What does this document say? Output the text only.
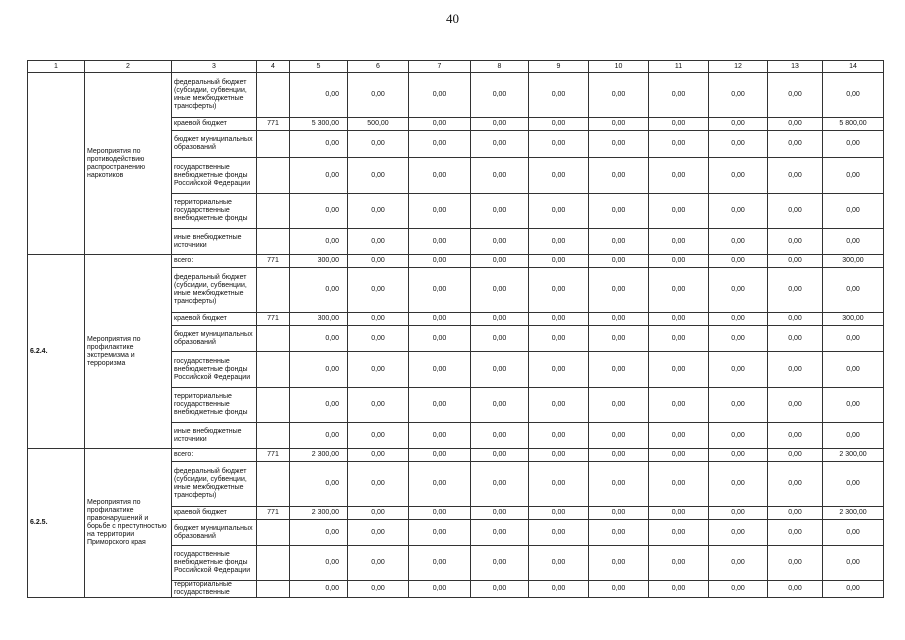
40
1	2	3	4	5	6	7	8	9	10	11	12	13	14
	Мероприятия по противодействию распространению наркотиков	федеральный бюджет (субсидии, субвенции, иные межбюджетные трансферты)		0,00	0,00	0,00	0,00	0,00	0,00	0,00	0,00	0,00	0,00
		краевой бюджет	771	5 300,00	500,00	0,00	0,00	0,00	0,00	0,00	0,00	0,00	5 800,00
		бюджет муниципальных образований		0,00	0,00	0,00	0,00	0,00	0,00	0,00	0,00	0,00	0,00
		государственные внебюджетные фонды Российской Федерации		0,00	0,00	0,00	0,00	0,00	0,00	0,00	0,00	0,00	0,00
		территориальные государственные внебюджетные фонды		0,00	0,00	0,00	0,00	0,00	0,00	0,00	0,00	0,00	0,00
		иные внебюджетные источники		0,00	0,00	0,00	0,00	0,00	0,00	0,00	0,00	0,00	0,00
6.2.4.	Мероприятия по профилактике экстремизма и терроризма	всего:	771	300,00	0,00	0,00	0,00	0,00	0,00	0,00	0,00	0,00	300,00
		федеральный бюджет (субсидии, субвенции, иные межбюджетные трансферты)		0,00	0,00	0,00	0,00	0,00	0,00	0,00	0,00	0,00	0,00
		краевой бюджет	771	300,00	0,00	0,00	0,00	0,00	0,00	0,00	0,00	0,00	300,00
		бюджет муниципальных образований		0,00	0,00	0,00	0,00	0,00	0,00	0,00	0,00	0,00	0,00
		государственные внебюджетные фонды Российской Федерации		0,00	0,00	0,00	0,00	0,00	0,00	0,00	0,00	0,00	0,00
		территориальные государственные внебюджетные фонды		0,00	0,00	0,00	0,00	0,00	0,00	0,00	0,00	0,00	0,00
		иные внебюджетные источники		0,00	0,00	0,00	0,00	0,00	0,00	0,00	0,00	0,00	0,00
6.2.5.	Мероприятия по профилактике правонарушений и борьбе с преступностью на территории Приморского края	всего:	771	2 300,00	0,00	0,00	0,00	0,00	0,00	0,00	0,00	0,00	2 300,00
		федеральный бюджет (субсидии, субвенции, иные межбюджетные трансферты)		0,00	0,00	0,00	0,00	0,00	0,00	0,00	0,00	0,00	0,00
		краевой бюджет	771	2 300,00	0,00	0,00	0,00	0,00	0,00	0,00	0,00	0,00	2 300,00
		бюджет муниципальных образований		0,00	0,00	0,00	0,00	0,00	0,00	0,00	0,00	0,00	0,00
		государственные внебюджетные фонды Российской Федерации		0,00	0,00	0,00	0,00	0,00	0,00	0,00	0,00	0,00	0,00
		территориальные государственные		0,00	0,00	0,00	0,00	0,00	0,00	0,00	0,00	0,00	0,00
